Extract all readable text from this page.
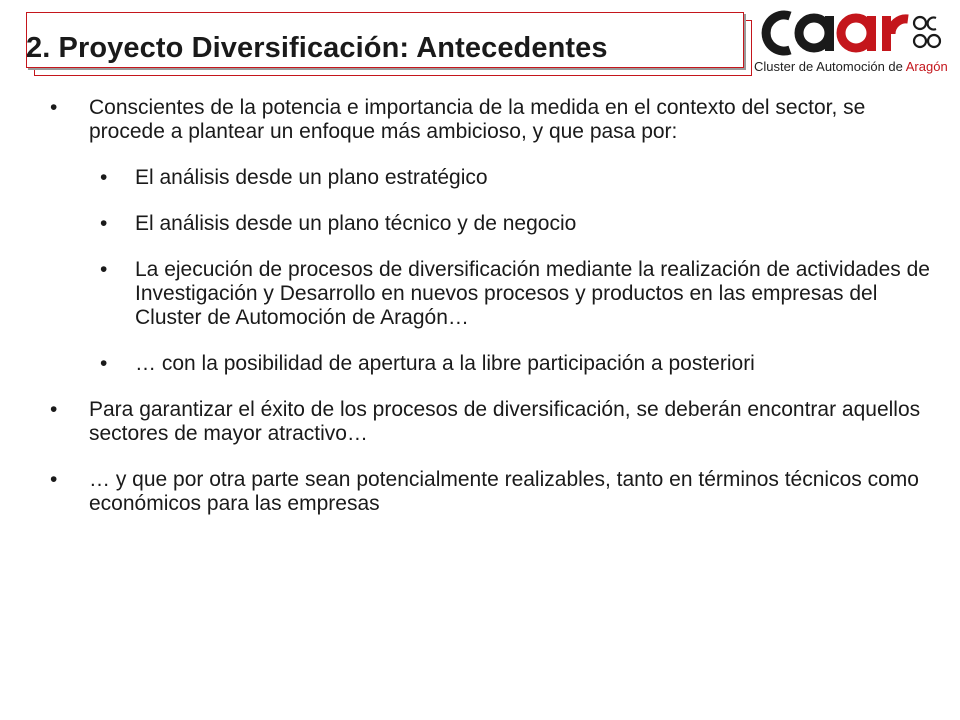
2. Proyecto Diversificación: Antecedentes
caar
Cluster de Automoción de Aragón
• Conscientes de la potencia e importancia de la medida en el contexto del sector, se procede a plantear un enfoque más ambicioso, y que pasa por:
• El análisis desde un plano estratégico
• El análisis desde un plano técnico y de negocio
• La ejecución de procesos de diversificación mediante la realización de actividades de Investigación y Desarrollo en nuevos procesos y productos en las empresas del Cluster de Automoción de Aragón…
• … con la posibilidad de apertura a la libre participación a posteriori
• Para garantizar el éxito de los procesos de diversificación, se deberán encontrar aquellos sectores de mayor atractivo…
• … y que por otra parte sean potencialmente realizables, tanto en términos técnicos como económicos para las empresas
